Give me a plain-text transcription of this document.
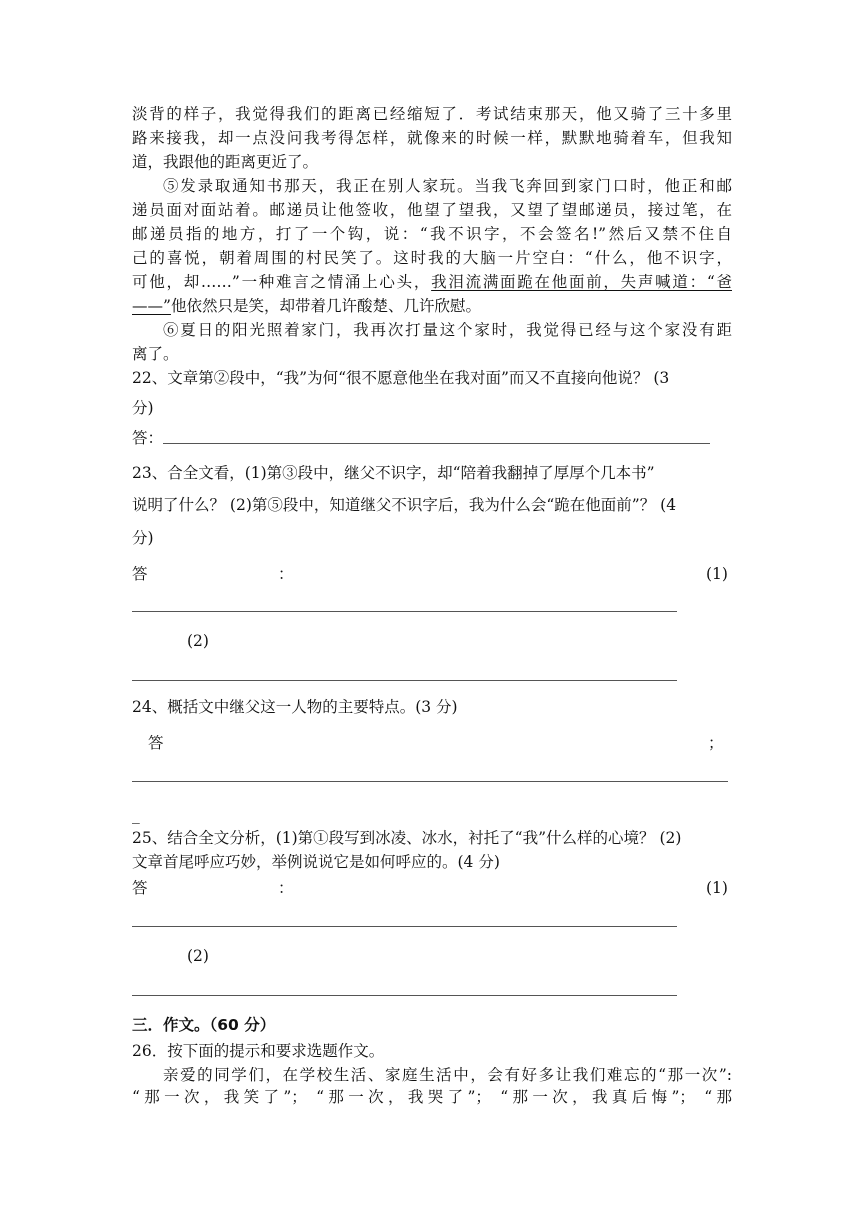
淡背的样子，我觉得我们的距离已经缩短了．考试结束那天，他又骑了三十多里
路来接我，却一点没问我考得怎样，就像来的时候一样，默默地骑着车，但我知
道，我跟他的距离更近了。
⑤发录取通知书那天，我正在别人家玩。当我飞奔回到家门口时，他正和邮
递员面对面站着。邮递员让他签收，他望了望我，又望了望邮递员，接过笔，在
邮递员指的地方，打了一个钩，说：“我不识字，不会签名!”然后又禁不住自
己的喜悦，朝着周围的村民笑了。这时我的大脑一片空白：“什么，他不识字，
可他，却……”一种难言之情涌上心头，我泪流满面跪在他面前，失声喊道：“爸
——”他依然只是笑，却带着几许酸楚、几许欣慰。
⑥夏日的阳光照着家门，我再次打量这个家时，我觉得已经与这个家没有距
离了。
22、文章第②段中，“我”为何“很不愿意他坐在我对面”而又不直接向他说？ (3
分)
答：
23、合全文看，(1)第③段中，继父不识字，却“陪着我翻掉了厚厚个几本书”
说明了什么？ (2)第⑤段中，知道继父不识字后，我为什么会“跪在他面前”？ (4
分)
答	：	(1)
(2)
24、概括文中继父这一人物的主要特点。(3 分)
答	；
_
25、结合全文分析，(1)第①段写到冰凌、冰水，衬托了“我”什么样的心境？ (2)
文章首尾呼应巧妙，举例说说它是如何呼应的。(4 分)
答	：	(1)
(2)
三．作文。（60 分）
26．按下面的提示和要求选题作文。
亲爱的同学们，在学校生活、家庭生活中，会有好多让我们难忘的“那一次”:
“那一次，我笑了”； “那一次，我哭了”； “那一次，我真后悔”； “那
